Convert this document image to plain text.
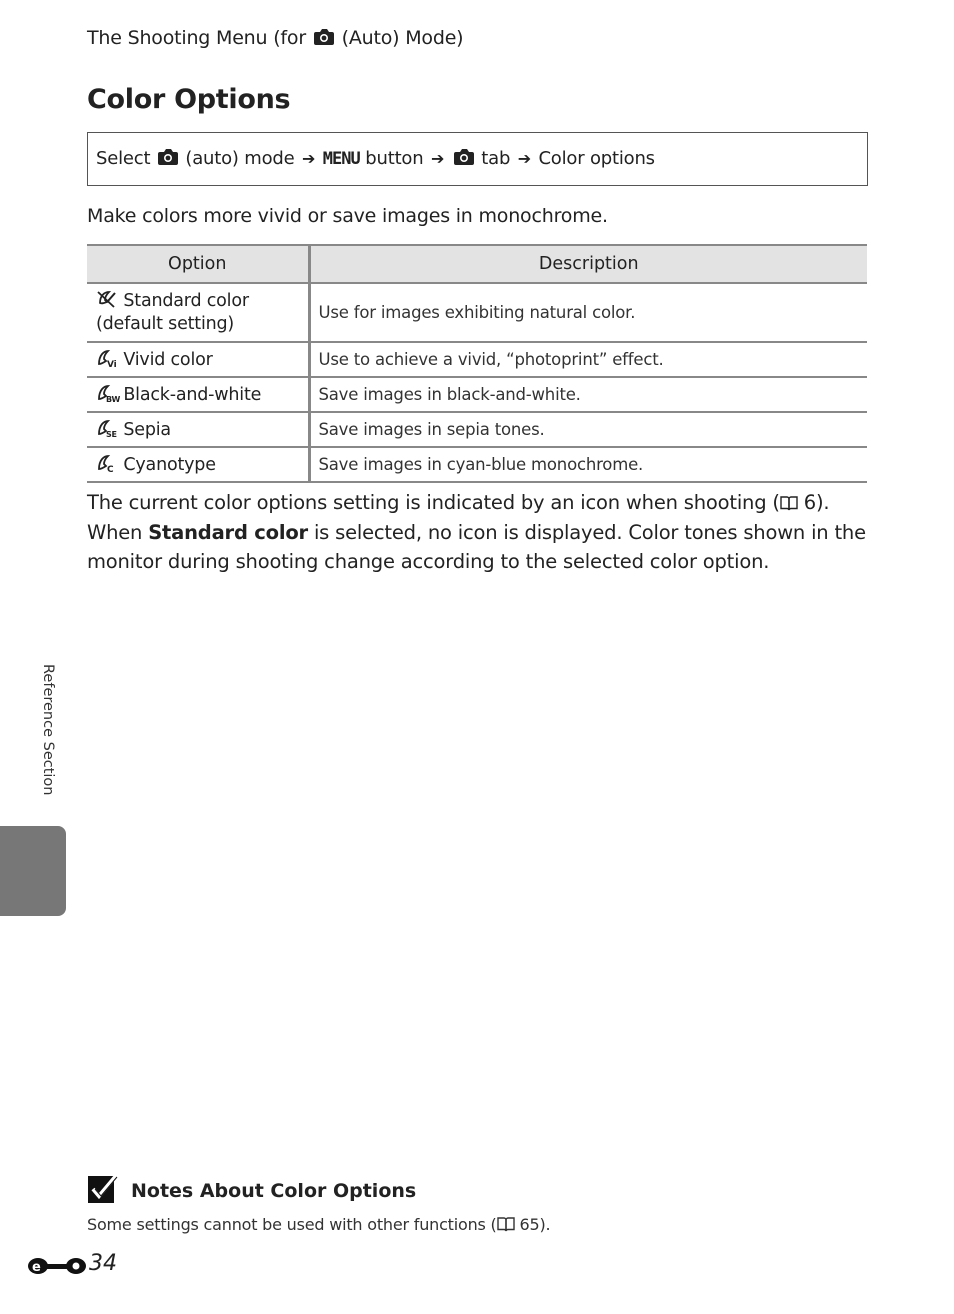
The Shooting Menu (for
(Auto) Mode)
Color Options
Select
(auto) mode ➔ MENU button ➔
tab ➔ Color options
Make colors more vivid or save images in monochrome.
Option	Description

Standard color
(default setting)	Use for images exhibiting natural color.

Vi Vivid color	Use to achieve a vivid, “photoprint” effect.

BW Black-and-white	Save images in black-and-white.

SE Sepia	Save images in sepia tones.

C Cyanotype	Save images in cyan-blue monochrome.
The current color options setting is indicated by an icon when shooting (
6).
When Standard color is selected, no icon is displayed. Color tones shown in the monitor during shooting change according to the selected color option.
Reference Section
Notes About Color Options
Some settings cannot be used with other functions (
65).
e 34
